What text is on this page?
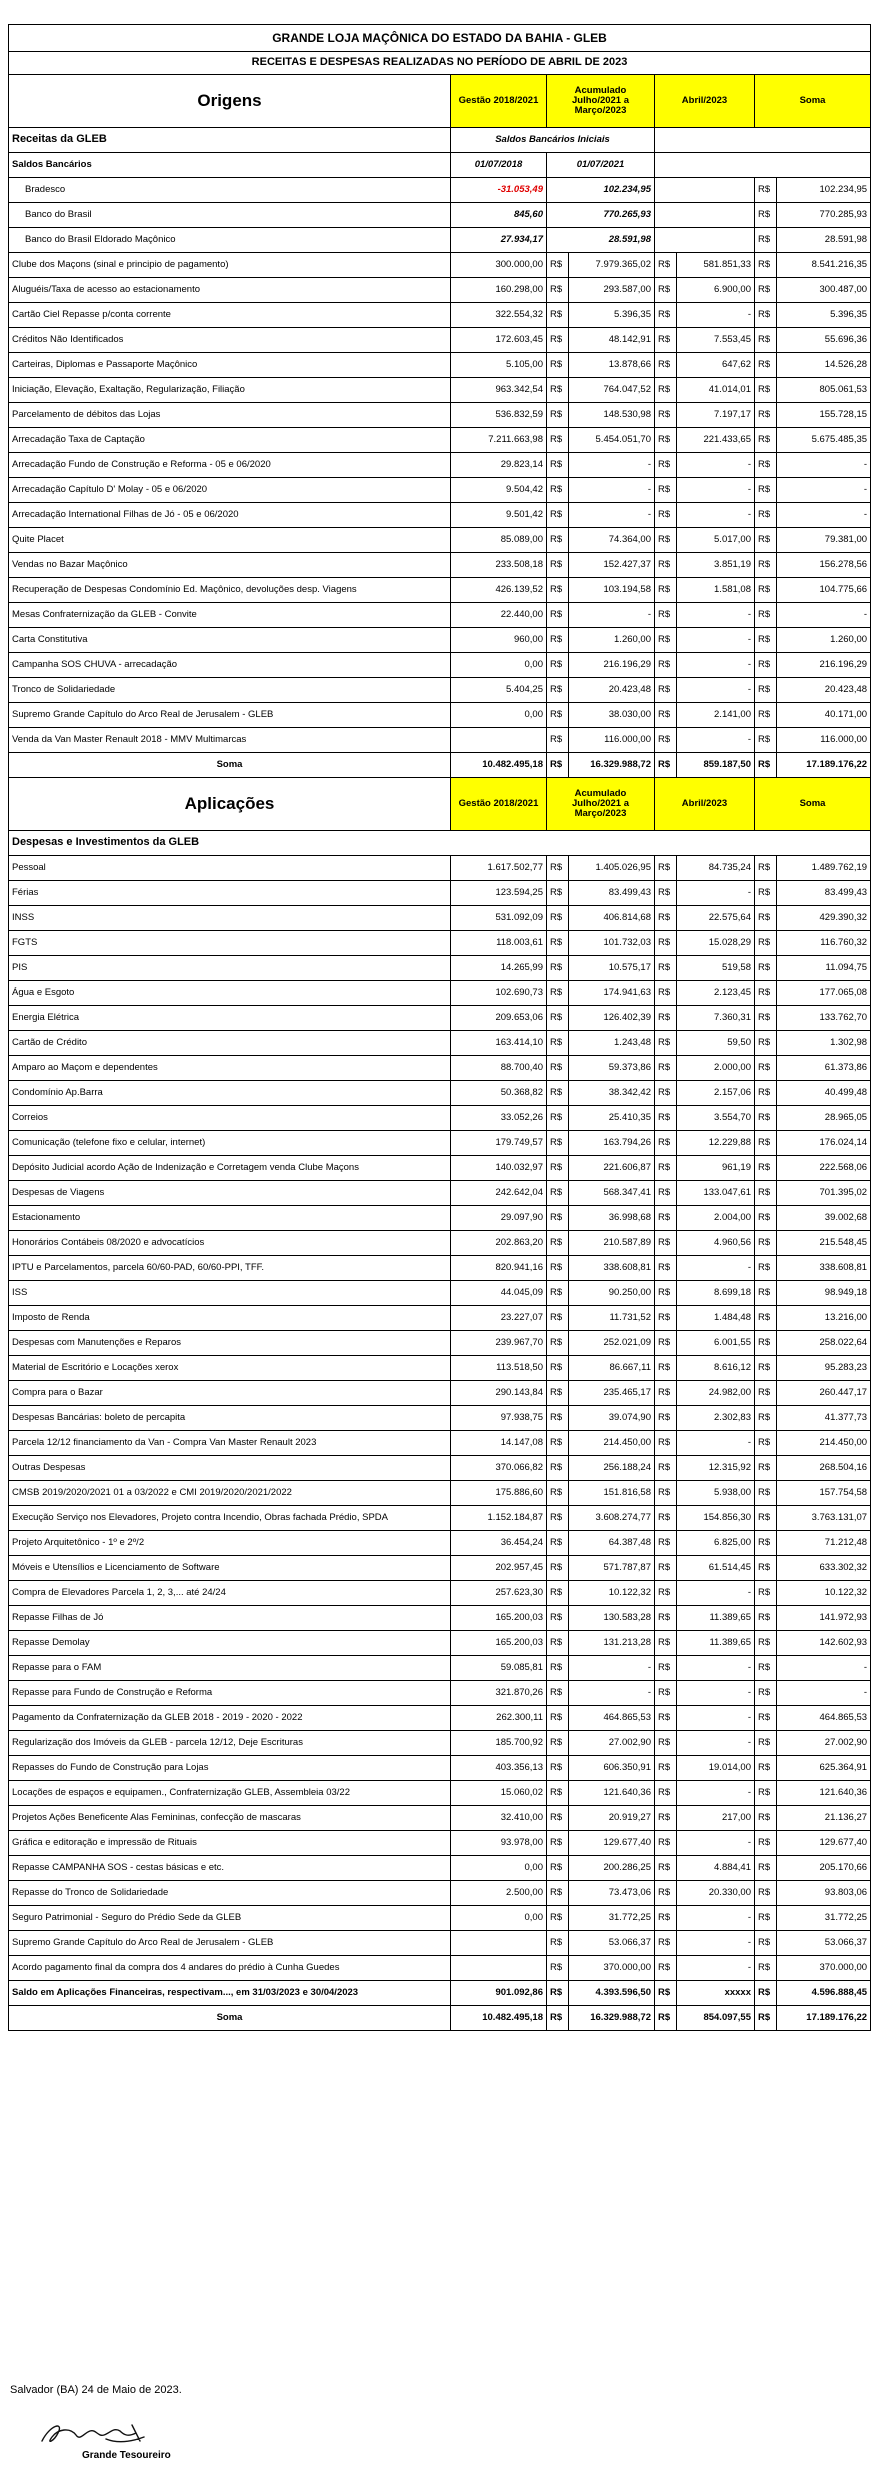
GRANDE LOJA MAÇÔNICA DO ESTADO DA BAHIA - GLEB							
RECEITAS E DESPESAS REALIZADAS NO PERÍODO DE ABRIL DE 2023							
Origens	Gestão 2018/2021	Acumulado Julho/2021 a Março/2023		Abril/2023		Soma	
Receitas da GLEB	Saldos Bancários Iniciais						
Saldos Bancários	01/07/2018	01/07/2021					
Bradesco	-31.053,49	102.234,95				R$	102.234,95
Banco do Brasil	845,60	770.265,93				R$	770.285,93
Banco do Brasil Eldorado Maçônico	27.934,17	28.591,98				R$	28.591,98
Clube dos Maçons (sinal e principio de pagamento)	300.000,00	R$	7.979.365,02	R$	581.851,33	R$	8.541.216,35
Aluguéis/Taxa de acesso ao estacionamento	160.298,00	R$	293.587,00	R$	6.900,00	R$	300.487,00
Cartão Ciel Repasse p/conta corrente	322.554,32	R$	5.396,35	R$	-	R$	5.396,35
Créditos Não Identificados	172.603,45	R$	48.142,91	R$	7.553,45	R$	55.696,36
Carteiras, Diplomas e Passaporte Maçônico	5.105,00	R$	13.878,66	R$	647,62	R$	14.526,28
Iniciação, Elevação, Exaltação, Regularização, Filiação	963.342,54	R$	764.047,52	R$	41.014,01	R$	805.061,53
Parcelamento de débitos das Lojas	536.832,59	R$	148.530,98	R$	7.197,17	R$	155.728,15
Arrecadação Taxa de Captação	7.211.663,98	R$	5.454.051,70	R$	221.433,65	R$	5.675.485,35
Arrecadação Fundo de Construção e Reforma - 05 e 06/2020	29.823,14	R$	-	R$	-	R$	-
Arrecadação Capítulo D' Molay - 05 e 06/2020	9.504,42	R$	-	R$	-	R$	-
Arrecadação International Filhas de Jó - 05 e 06/2020	9.501,42	R$	-	R$	-	R$	-
Quite Placet	85.089,00	R$	74.364,00	R$	5.017,00	R$	79.381,00
Vendas no Bazar Maçônico	233.508,18	R$	152.427,37	R$	3.851,19	R$	156.278,56
Recuperação de Despesas Condomínio Ed. Maçônico, devoluções desp. Viagens	426.139,52	R$	103.194,58	R$	1.581,08	R$	104.775,66
Mesas Confraternização da GLEB - Convite	22.440,00	R$	-	R$	-	R$	-
Carta Constitutiva	960,00	R$	1.260,00	R$	-	R$	1.260,00
Campanha SOS CHUVA - arrecadação	0,00	R$	216.196,29	R$	-	R$	216.196,29
Tronco de Solidariedade	5.404,25	R$	20.423,48	R$	-	R$	20.423,48
Supremo Grande Capítulo do Arco Real de Jerusalem - GLEB	0,00	R$	38.030,00	R$	2.141,00	R$	40.171,00
Venda da Van Master Renault 2018 - MMV Multimarcas		R$	116.000,00	R$	-	R$	116.000,00
Soma	10.482.495,18	R$	16.329.988,72	R$	859.187,50	R$	17.189.176,22
Aplicações	Gestão 2018/2021	Acumulado Julho/2021 a Março/2023		Abril/2023		Soma	
Despesas e Investimentos da GLEB							
Pessoal	1.617.502,77	R$	1.405.026,95	R$	84.735,24	R$	1.489.762,19
Férias	123.594,25	R$	83.499,43	R$	-	R$	83.499,43
INSS	531.092,09	R$	406.814,68	R$	22.575,64	R$	429.390,32
FGTS	118.003,61	R$	101.732,03	R$	15.028,29	R$	116.760,32
PIS	14.265,99	R$	10.575,17	R$	519,58	R$	11.094,75
Água e Esgoto	102.690,73	R$	174.941,63	R$	2.123,45	R$	177.065,08
Energia Elétrica	209.653,06	R$	126.402,39	R$	7.360,31	R$	133.762,70
Cartão de Crédito	163.414,10	R$	1.243,48	R$	59,50	R$	1.302,98
Amparo ao Maçom e dependentes	88.700,40	R$	59.373,86	R$	2.000,00	R$	61.373,86
Condomínio Ap.Barra	50.368,82	R$	38.342,42	R$	2.157,06	R$	40.499,48
Correios	33.052,26	R$	25.410,35	R$	3.554,70	R$	28.965,05
Comunicação (telefone fixo e celular, internet)	179.749,57	R$	163.794,26	R$	12.229,88	R$	176.024,14
Depósito Judicial acordo Ação de Indenização e Corretagem venda Clube Maçons	140.032,97	R$	221.606,87	R$	961,19	R$	222.568,06
Despesas de Viagens	242.642,04	R$	568.347,41	R$	133.047,61	R$	701.395,02
Estacionamento	29.097,90	R$	36.998,68	R$	2.004,00	R$	39.002,68
Honorários Contábeis 08/2020 e advocatícios	202.863,20	R$	210.587,89	R$	4.960,56	R$	215.548,45
IPTU e Parcelamentos, parcela 60/60-PAD, 60/60-PPI, TFF.	820.941,16	R$	338.608,81	R$	-	R$	338.608,81
ISS	44.045,09	R$	90.250,00	R$	8.699,18	R$	98.949,18
Imposto de Renda	23.227,07	R$	11.731,52	R$	1.484,48	R$	13.216,00
Despesas com Manutenções e Reparos	239.967,70	R$	252.021,09	R$	6.001,55	R$	258.022,64
Material de Escritório e Locações xerox	113.518,50	R$	86.667,11	R$	8.616,12	R$	95.283,23
Compra para o Bazar	290.143,84	R$	235.465,17	R$	24.982,00	R$	260.447,17
Despesas Bancárias: boleto de percapita	97.938,75	R$	39.074,90	R$	2.302,83	R$	41.377,73
Parcela 12/12 financiamento da Van - Compra Van Master Renault 2023	14.147,08	R$	214.450,00	R$	-	R$	214.450,00
Outras Despesas	370.066,82	R$	256.188,24	R$	12.315,92	R$	268.504,16
CMSB 2019/2020/2021 01 a 03/2022 e CMI 2019/2020/2021/2022	175.886,60	R$	151.816,58	R$	5.938,00	R$	157.754,58
Execução Serviço nos Elevadores, Projeto contra Incendio, Obras fachada Prédio, SPDA	1.152.184,87	R$	3.608.274,77	R$	154.856,30	R$	3.763.131,07
Projeto Arquitetônico - 1º e 2º/2	36.454,24	R$	64.387,48	R$	6.825,00	R$	71.212,48
Móveis e Utensílios e Licenciamento de Software	202.957,45	R$	571.787,87	R$	61.514,45	R$	633.302,32
Compra de Elevadores Parcela 1, 2, 3,... até 24/24	257.623,30	R$	10.122,32	R$	-	R$	10.122,32
Repasse Filhas de Jó	165.200,03	R$	130.583,28	R$	11.389,65	R$	141.972,93
Repasse Demolay	165.200,03	R$	131.213,28	R$	11.389,65	R$	142.602,93
Repasse para o FAM	59.085,81	R$	-	R$	-	R$	-
Repasse para Fundo de Construção e Reforma	321.870,26	R$	-	R$	-	R$	-
Pagamento da Confraternização da GLEB 2018 - 2019 - 2020 - 2022	262.300,11	R$	464.865,53	R$	-	R$	464.865,53
Regularização dos Imóveis da GLEB - parcela 12/12, Deje Escrituras	185.700,92	R$	27.002,90	R$	-	R$	27.002,90
Repasses do Fundo de Construção para Lojas	403.356,13	R$	606.350,91	R$	19.014,00	R$	625.364,91
Locações de espaços e equipamen., Confraternização GLEB, Assembleia 03/22	15.060,02	R$	121.640,36	R$	-	R$	121.640,36
Projetos Ações Beneficente Alas Femininas, confecção de mascaras	32.410,00	R$	20.919,27	R$	217,00	R$	21.136,27
Gráfica e editoração e impressão de Rituais	93.978,00	R$	129.677,40	R$	-	R$	129.677,40
Repasse CAMPANHA SOS - cestas básicas e etc.	0,00	R$	200.286,25	R$	4.884,41	R$	205.170,66
Repasse do Tronco de Solidariedade	2.500,00	R$	73.473,06	R$	20.330,00	R$	93.803,06
Seguro Patrimonial - Seguro do Prédio Sede da GLEB	0,00	R$	31.772,25	R$	-	R$	31.772,25
Supremo Grande Capítulo do Arco Real de Jerusalem - GLEB		R$	53.066,37	R$	-	R$	53.066,37
Acordo pagamento final da compra dos 4 andares do prédio à Cunha Guedes		R$	370.000,00	R$	-	R$	370.000,00
Saldo em Aplicações Financeiras, respectivam..., em 31/03/2023 e 30/04/2023	901.092,86	R$	4.393.596,50	R$	xxxxx	R$	4.596.888,45
Soma	10.482.495,18	R$	16.329.988,72	R$	854.097,55	R$	17.189.176,22
Salvador (BA) 24 de Maio de 2023.
Grande Tesoureiro
